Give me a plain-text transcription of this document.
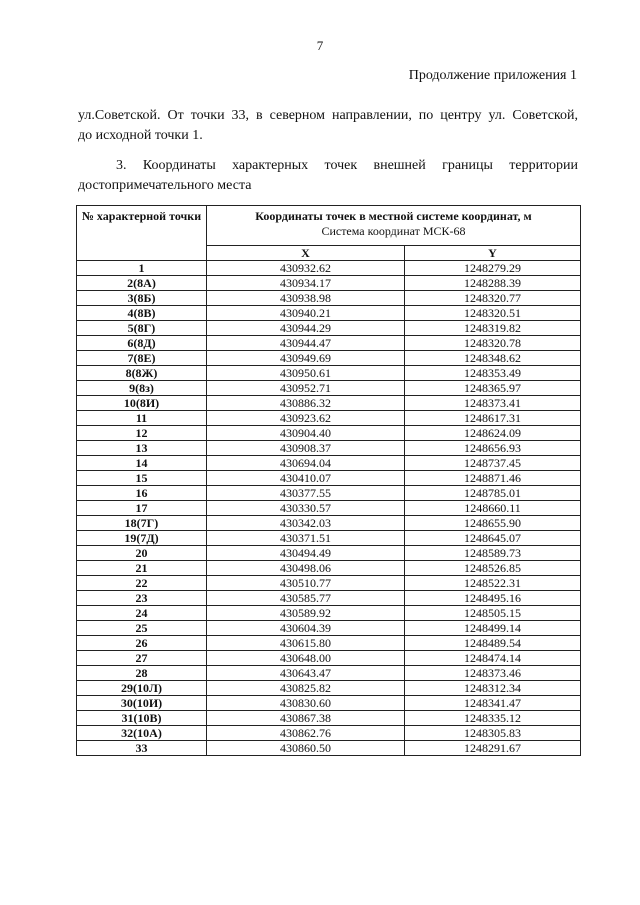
7
Продолжение приложения 1
ул.Советской. От точки 33, в северном направлении, по центру ул. Советской,
до исходной точки 1.
3. Координаты характерных точек внешней границы территории
достопримечательного места
№ характерной точки	Координаты точек в местной системе координат, м
Система координат МСК-68	

	X	Y
1	430932.62	1248279.29
2(8А)	430934.17	1248288.39
3(8Б)	430938.98	1248320.77
4(8В)	430940.21	1248320.51
5(8Г)	430944.29	1248319.82
6(8Д)	430944.47	1248320.78
7(8Е)	430949.69	1248348.62
8(8Ж)	430950.61	1248353.49
9(8з)	430952.71	1248365.97
10(8И)	430886.32	1248373.41
11	430923.62	1248617.31
12	430904.40	1248624.09
13	430908.37	1248656.93
14	430694.04	1248737.45
15	430410.07	1248871.46
16	430377.55	1248785.01
17	430330.57	1248660.11
18(7Г)	430342.03	1248655.90
19(7Д)	430371.51	1248645.07
20	430494.49	1248589.73
21	430498.06	1248526.85
22	430510.77	1248522.31
23	430585.77	1248495.16
24	430589.92	1248505.15
25	430604.39	1248499.14
26	430615.80	1248489.54
27	430648.00	1248474.14
28	430643.47	1248373.46
29(10Л)	430825.82	1248312.34
30(10И)	430830.60	1248341.47
31(10В)	430867.38	1248335.12
32(10А)	430862.76	1248305.83
33	430860.50	1248291.67
